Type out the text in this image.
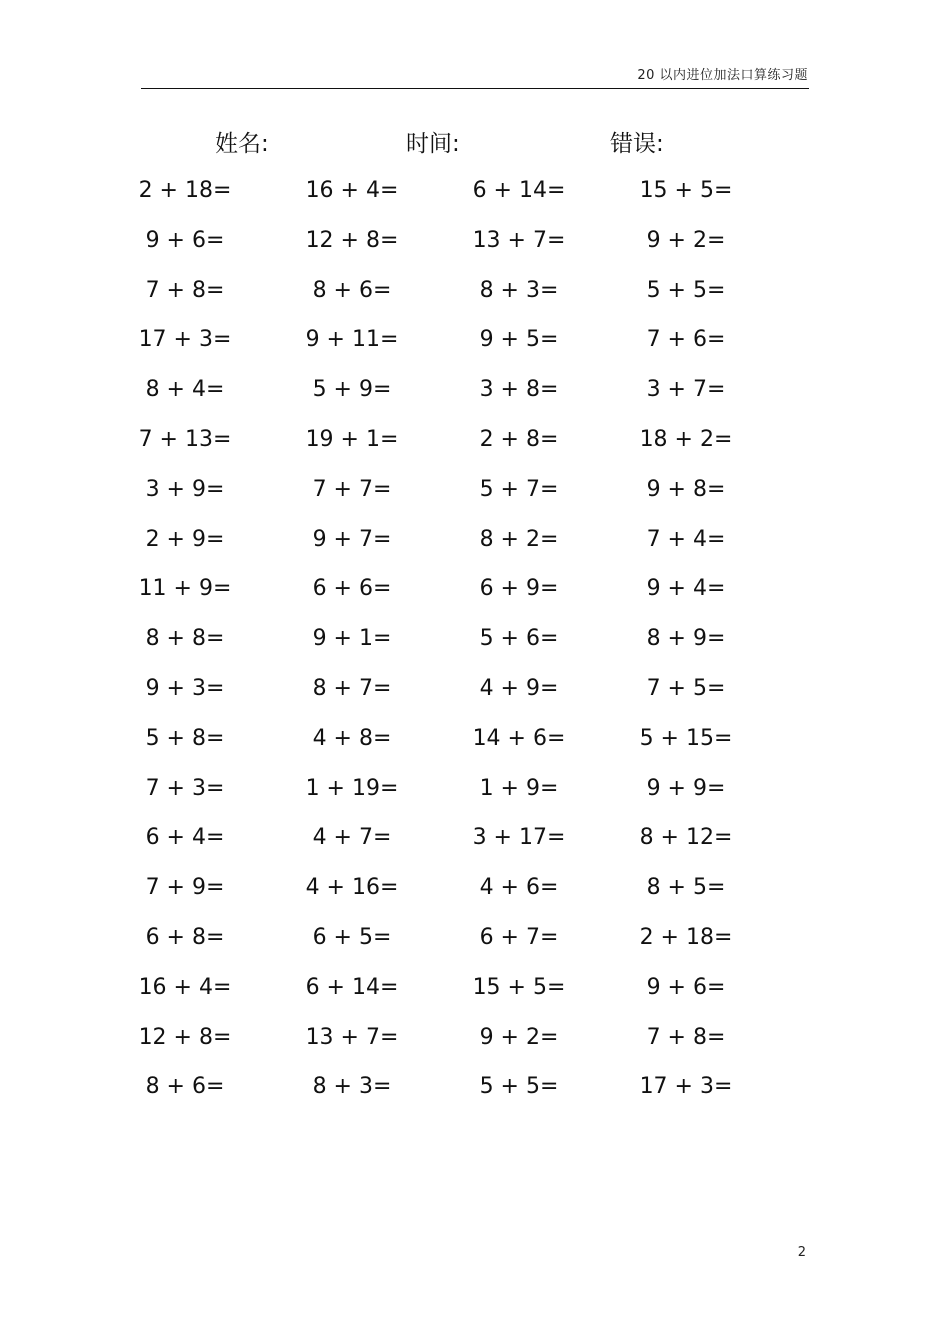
20 以内进位加法口算练习题
姓名:	时间:	错误:
2 + 18=	16 + 4=	6 + 14=	15 + 5=
9 + 6=	12 + 8=	13 + 7=	9 + 2=
7 + 8=	8 + 6=	8 + 3=	5 + 5=
17 + 3=	9 + 11=	9 + 5=	7 + 6=
8 + 4=	5 + 9=	3 + 8=	3 + 7=
7 + 13=	19 + 1=	2 + 8=	18 + 2=
3 + 9=	7 + 7=	5 + 7=	9 + 8=
2 + 9=	9 + 7=	8 + 2=	7 + 4=
11 + 9=	6 + 6=	6 + 9=	9 + 4=
8 + 8=	9 + 1=	5 + 6=	8 + 9=
9 + 3=	8 + 7=	4 + 9=	7 + 5=
5 + 8=	4 + 8=	14 + 6=	5 + 15=
7 + 3=	1 + 19=	1 + 9=	9 + 9=
6 + 4=	4 + 7=	3 + 17=	8 + 12=
7 + 9=	4 + 16=	4 + 6=	8 + 5=
6 + 8=	6 + 5=	6 + 7=	2 + 18=
16 + 4=	6 + 14=	15 + 5=	9 + 6=
12 + 8=	13 + 7=	9 + 2=	7 + 8=
8 + 6=	8 + 3=	5 + 5=	17 + 3=
2
